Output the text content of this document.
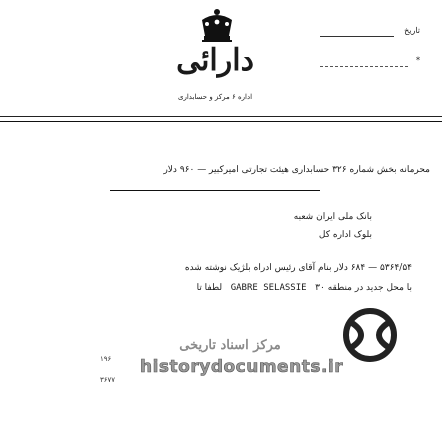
دارائی
اداره ۶ مرکز و حسابداری
تاریخ
*
محرمانه بخش شماره ۳۲۶ حسابداری هیئت تجارتی امیرکبیر — ۹۶۰ دلار
بانک ملی ایران شعبه
بلوک اداره کل
۵۳۶۴/۵۴ — ۶۸۴ دلار بنام آقای رئیس ادراه بلژیک نوشته شده
با محل جدید در منطقه ۳۰   GABRE SELASSIE   لطفا تا
مرکز اسناد تاریخی
historydocuments.ir
۱۹۶
۳۶۷۷
